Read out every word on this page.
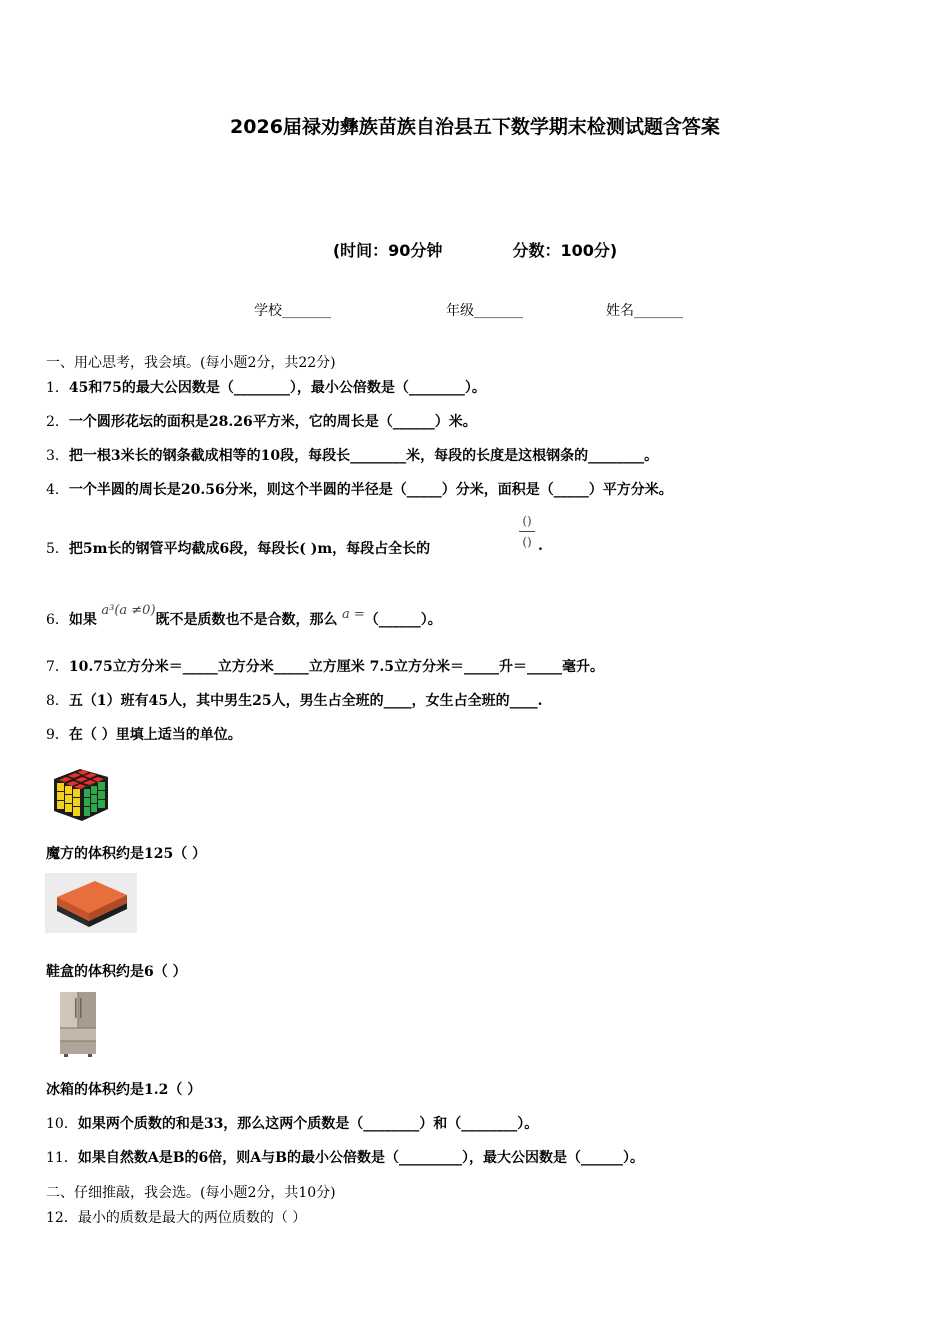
2026届禄劝彝族苗族自治县五下数学期末检测试题含答案
(时间：90分钟	分数：100分)
学校_______	年级_______	姓名_______
一、用心思考，我会填。(每小题2分，共22分)
1．45和75的最大公因数是（________），最小公倍数是（________）。
2．一个圆形花坛的面积是28.26平方米，它的周长是（______）米。
3．把一根3米长的钢条截成相等的10段，每段长________米，每段的长度是这根钢条的________。
4．一个半圆的周长是20.56分米，则这个半圆的半径是（_____）分米，面积是（_____）平方分米。
5．把5m长的钢管平均截成6段，每段长( )m，每段占全长的
()
() .
6．如果 a³(a ≠0)既不是质数也不是合数，那么 a =（______）。
7．10.75立方分米＝_____立方分米_____立方厘米 7.5立方分米＝_____升＝_____毫升。
8．五（1）班有45人，其中男生25人，男生占全班的____，女生占全班的____.
9．在（ ）里填上适当的单位。
魔方的体积约是125（ ）
鞋盒的体积约是6（ ）
冰箱的体积约是1.2（ ）
10．如果两个质数的和是33，那么这两个质数是（________）和（________）。
11．如果自然数A是B的6倍，则A与B的最小公倍数是（_________），最大公因数是（______）。
二、仔细推敲，我会选。(每小题2分，共10分)
12．最小的质数是最大的两位质数的（ ）
